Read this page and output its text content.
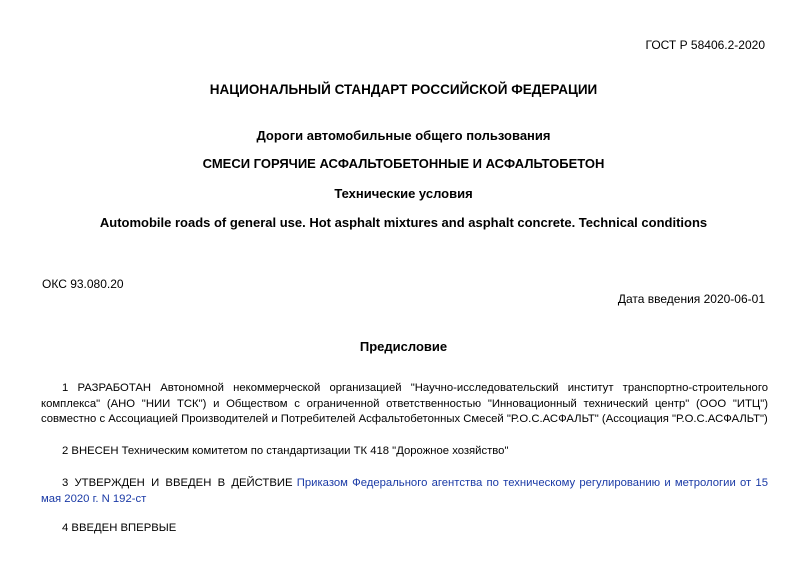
ГОСТ Р 58406.2-2020
НАЦИОНАЛЬНЫЙ СТАНДАРТ РОССИЙСКОЙ ФЕДЕРАЦИИ
Дороги автомобильные общего пользования
СМЕСИ ГОРЯЧИЕ АСФАЛЬТОБЕТОННЫЕ И АСФАЛЬТОБЕТОН
Технические условия
Automobile roads of general use. Hot asphalt mixtures and asphalt concrete. Technical conditions
ОКС 93.080.20
Дата введения 2020-06-01
Предисловие
1 РАЗРАБОТАН Автономной некоммерческой организацией "Научно-исследовательский институт транспортно-строительного комплекса" (АНО "НИИ ТСК") и Обществом с ограниченной ответственностью "Инновационный технический центр" (ООО "ИТЦ") совместно с Ассоциацией Производителей и Потребителей Асфальтобетонных Смесей "Р.О.С.АСФАЛЬТ" (Ассоциация "Р.О.С.АСФАЛЬТ")
2 ВНЕСЕН Техническим комитетом по стандартизации ТК 418 "Дорожное хозяйство"
3 УТВЕРЖДЕН И ВВЕДЕН В ДЕЙСТВИЕ Приказом Федерального агентства по техническому регулированию и метрологии от 15 мая 2020 г. N 192-ст
4 ВВЕДЕН ВПЕРВЫЕ
